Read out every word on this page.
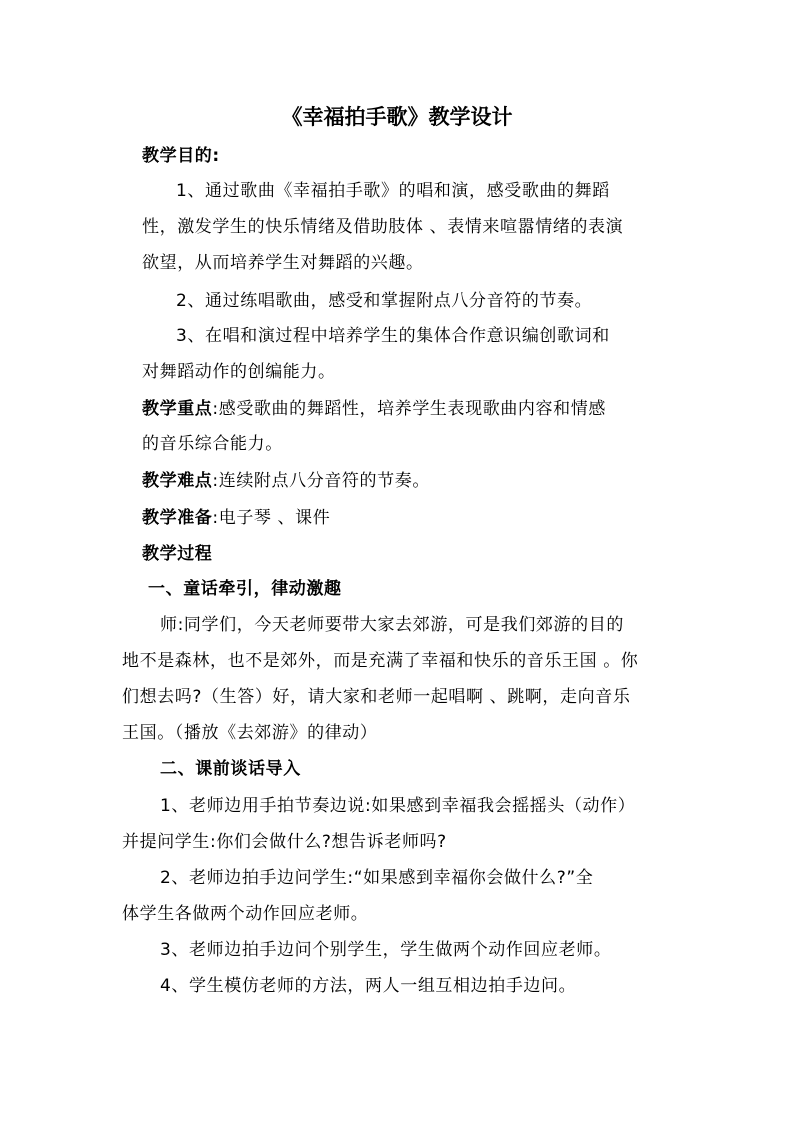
《幸福拍手歌》教学设计
教学目的:
1、通过歌曲《幸福拍手歌》的唱和演，感受歌曲的舞蹈
性，激发学生的快乐情绪及借助肢体 、表情来喧嚣情绪的表演
欲望，从而培养学生对舞蹈的兴趣。
2、通过练唱歌曲，感受和掌握附点八分音符的节奏。
3、在唱和演过程中培养学生的集体合作意识编创歌词和
对舞蹈动作的创编能力。
教学重点:感受歌曲的舞蹈性，培养学生表现歌曲内容和情感
的音乐综合能力。
教学难点:连续附点八分音符的节奏。
教学准备:电子琴 、课件
教学过程
一、童话牵引，律动激趣
师:同学们，今天老师要带大家去郊游，可是我们郊游的目的
地不是森林，也不是郊外，而是充满了幸福和快乐的音乐王国 。你
们想去吗?（生答）好，请大家和老师一起唱啊 、跳啊，走向音乐
王国。（播放《去郊游》的律动）
二、课前谈话导入
1、老师边用手拍节奏边说:如果感到幸福我会摇摇头（动作）
并提问学生:你们会做什么?想告诉老师吗?
2、老师边拍手边问学生:“如果感到幸福你会做什么?”全
体学生各做两个动作回应老师。
3、老师边拍手边问个别学生，学生做两个动作回应老师。
4、学生模仿老师的方法，两人一组互相边拍手边问。
